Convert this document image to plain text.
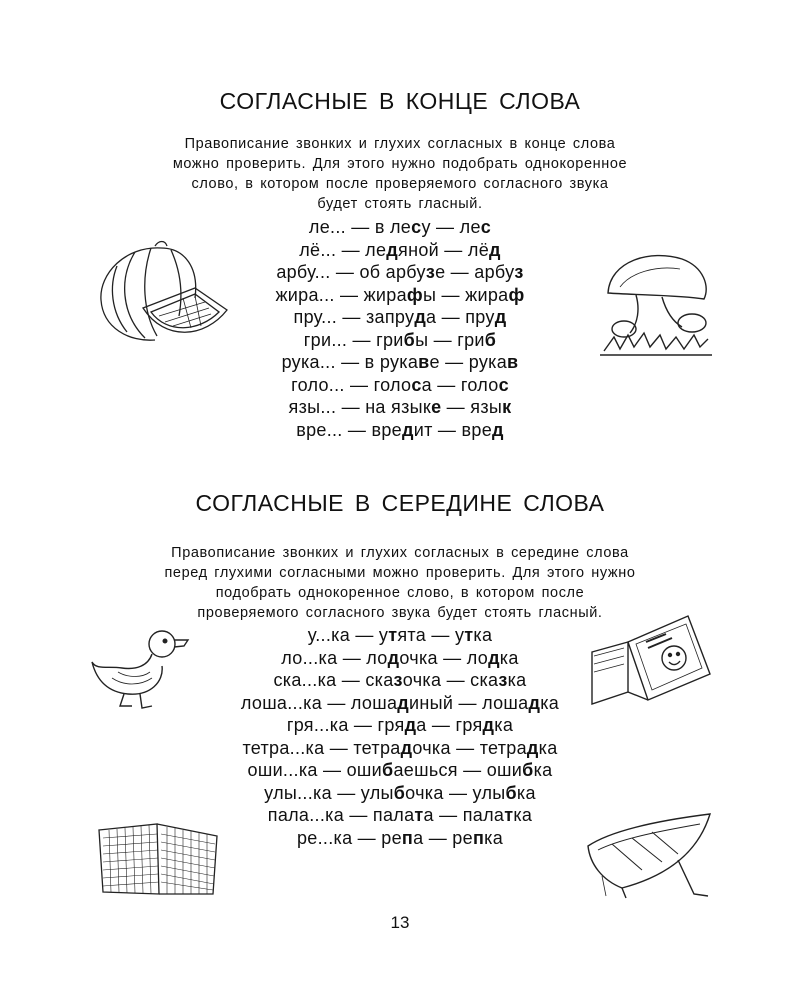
СОГЛАСНЫЕ В КОНЦЕ СЛОВА

Правописание звонких и глухих согласных в конце слова
можно проверить. Для этого нужно подобрать однокоренное
слово, в котором после проверяемого согласного звука
будет стоять гласный.

ле... — в лесу — лес
лё... — ледяной — лёд
арбу... — об арбузе — арбуз
жира... — жирафы — жираф
пру... — запруда — пруд
гри... — грибы — гриб
рука... — в рукаве — рукав
голо... — голоса — голос
язы... — на языке — язык
вре... — вредит — вред
СОГЛАСНЫЕ В СЕРЕДИНЕ СЛОВА

Правописание звонких и глухих согласных в середине слова
перед глухими согласными можно проверить. Для этого нужно
подобрать однокоренное слово, в котором после
проверяемого согласного звука будет стоять гласный.

у...ка — утята — утка
ло...ка — лодочка — лодка
ска...ка — сказочка — сказка
лоша...ка — лошадиный — лошадка
гря...ка — гряда — грядка
тетра...ка — тетрадочка — тетрадка
оши...ка — ошибаешься — ошибка
улы...ка — улыбочка — улыбка
пала...ка — палата — палатка
ре...ка — репа — репка
13
